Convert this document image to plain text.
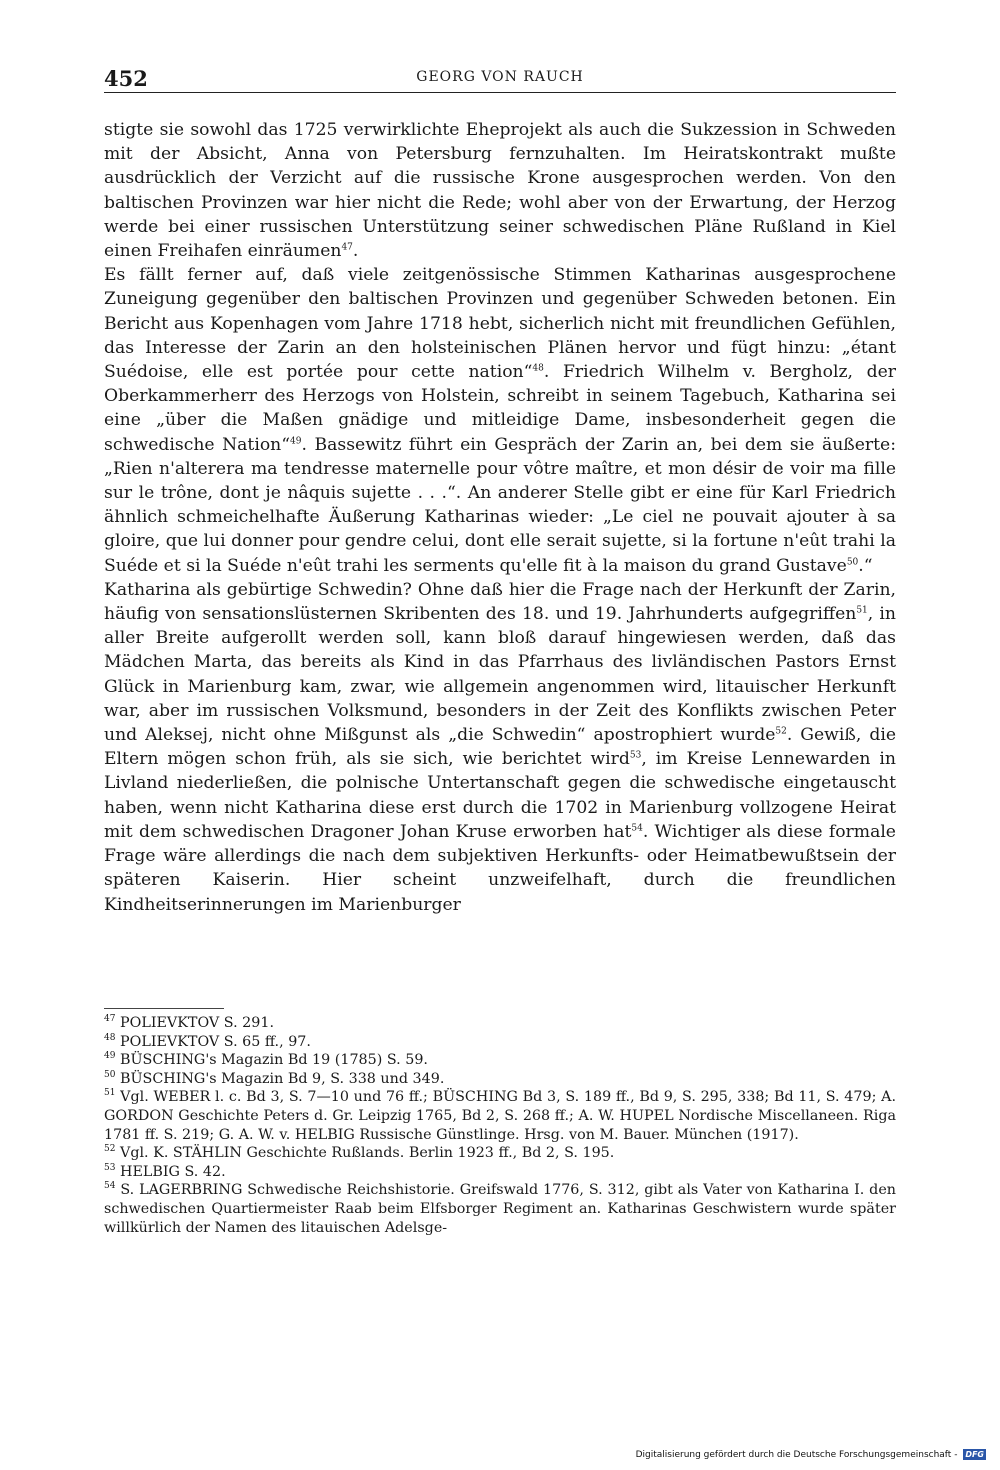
452	GEORG VON RAUCH

stigte sie sowohl das 1725 verwirklichte Eheprojekt als auch die Sukzession in Schweden mit der Absicht, Anna von Petersburg fernzuhalten. Im Heiratskontrakt mußte ausdrücklich der Verzicht auf die russische Krone ausgesprochen werden. Von den baltischen Provinzen war hier nicht die Rede; wohl aber von der Erwartung, der Herzog werde bei einer russischen Unterstützung seiner schwedischen Pläne Rußland in Kiel einen Freihafen einräumen$^{47}$.

Es fällt ferner auf, daß viele zeitgenössische Stimmen Katharinas ausgesprochene Zuneigung gegenüber den baltischen Provinzen und gegenüber Schweden betonen. Ein Bericht aus Kopenhagen vom Jahre 1718 hebt, sicherlich nicht mit freundlichen Gefühlen, das Interesse der Zarin an den holsteinischen Plänen hervor und fügt hinzu: „étant Suédoise, elle est portée pour cette nation“$^{48}$. Friedrich Wilhelm v. Bergholz, der Oberkammerherr des Herzogs von Holstein, schreibt in seinem Tagebuch, Katharina sei eine „über die Maßen gnädige und mitleidige Dame, insbesonderheit gegen die schwedische Nation“$^{49}$. Bassewitz führt ein Gespräch der Zarin an, bei dem sie äußerte: „Rien n'alterera ma tendresse maternelle pour vôtre maître, et mon désir de voir ma fille sur le trône, dont je nâquis sujette . . .“. An anderer Stelle gibt er eine für Karl Friedrich ähnlich schmeichelhafte Äußerung Katharinas wieder: „Le ciel ne pouvait ajouter à sa gloire, que lui donner pour gendre celui, dont elle serait sujette, si la fortune n'eût trahi la Suéde et si la Suéde n'eût trahi les serments qu'elle fit à la maison du grand Gustave$^{50}$.“

Katharina als gebürtige Schwedin? Ohne daß hier die Frage nach der Herkunft der Zarin, häufig von sensationslüsternen Skribenten des 18. und 19. Jahrhunderts aufgegriffen$^{51}$, in aller Breite aufgerollt werden soll, kann bloß darauf hingewiesen werden, daß das Mädchen Marta, das bereits als Kind in das Pfarrhaus des livländischen Pastors Ernst Glück in Marienburg kam, zwar, wie allgemein angenommen wird, litauischer Herkunft war, aber im russischen Volksmund, besonders in der Zeit des Konflikts zwischen Peter und Aleksej, nicht ohne Mißgunst als „die Schwedin“ apostrophiert wurde$^{52}$. Gewiß, die Eltern mögen schon früh, als sie sich, wie berichtet wird$^{53}$, im Kreise Lennewarden in Livland niederließen, die polnische Untertanschaft gegen die schwedische eingetauscht haben, wenn nicht Katharina diese erst durch die 1702 in Marienburg vollzogene Heirat mit dem schwedischen Dragoner Johan Kruse erworben hat$^{54}$. Wichtiger als diese formale Frage wäre allerdings die nach dem subjektiven Herkunfts- oder Heimatbewußtsein der späteren Kaiserin. Hier scheint unzweifelhaft, durch die freundlichen Kindheitserinnerungen im Marienburger

$^{47}$ POLIEVKTOV S. 291.

$^{48}$ POLIEVKTOV S. 65 ff., 97.

$^{49}$ BÜSCHING's Magazin Bd 19 (1785) S. 59.

$^{50}$ BÜSCHING's Magazin Bd 9, S. 338 und 349.

$^{51}$ Vgl. WEBER l. c. Bd 3, S. 7—10 und 76 ff.; BÜSCHING Bd 3, S. 189 ff., Bd 9, S. 295, 338; Bd 11, S. 479; A. GORDON Geschichte Peters d. Gr. Leipzig 1765, Bd 2, S. 268 ff.; A. W. HUPEL Nordische Miscellaneen. Riga 1781 ff. S. 219; G. A. W. v. HELBIG Russische Günstlinge. Hrsg. von M. Bauer. München (1917).

$^{52}$ Vgl. K. STÄHLIN Geschichte Rußlands. Berlin 1923 ff., Bd 2, S. 195.

$^{53}$ HELBIG S. 42.

$^{54}$ S. LAGERBRING Schwedische Reichshistorie. Greifswald 1776, S. 312, gibt als Vater von Katharina I. den schwedischen Quartiermeister Raab beim Elfsborger Regiment an. Katharinas Geschwistern wurde später willkürlich der Namen des litauischen Adelsge-

Digitalisierung gefördert durch die Deutsche Forschungsgemeinschaft - DFG
